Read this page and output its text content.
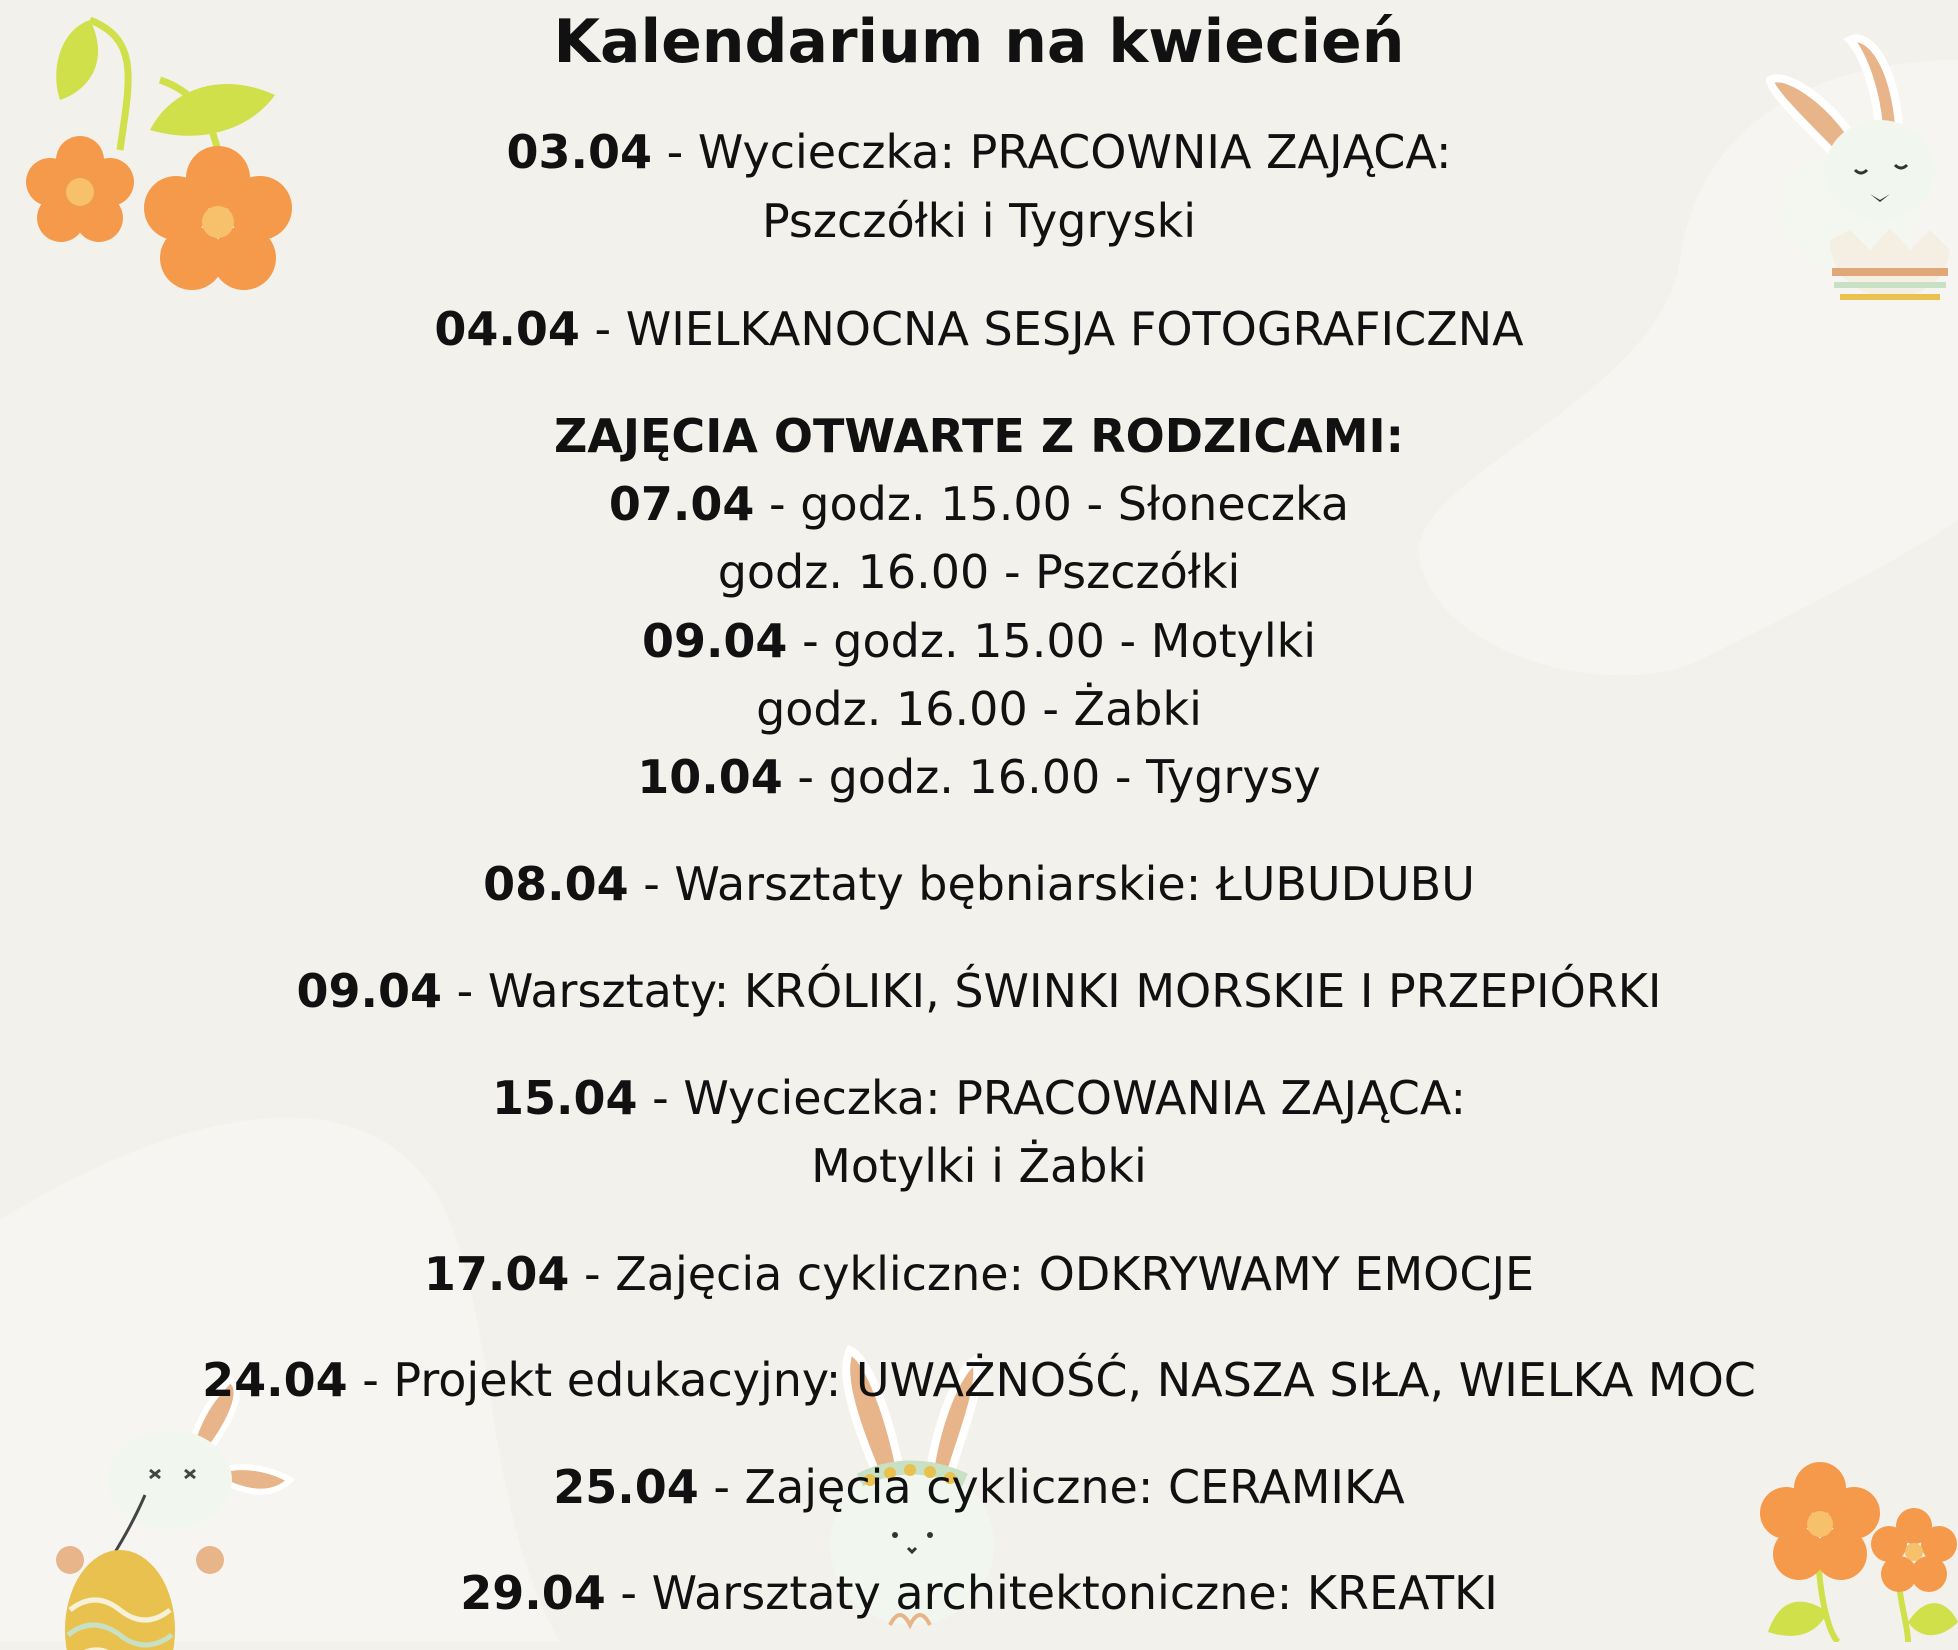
Kalendarium na kwiecień
03.04 - Wycieczka: PRACOWNIA ZAJĄCA:
Pszczółki i Tygryski
04.04 - WIELKANOCNA SESJA FOTOGRAFICZNA
ZAJĘCIA OTWARTE Z RODZICAMI:
07.04 - godz. 15.00 - Słoneczka
godz. 16.00 - Pszczółki
09.04 - godz. 15.00 - Motylki
godz. 16.00 - Żabki
10.04 - godz. 16.00 - Tygrysy
08.04 - Warsztaty bębniarskie: ŁUBUDUBU
09.04 - Warsztaty: KRÓLIKI, ŚWINKI MORSKIE I PRZEPIÓRKI
15.04 - Wycieczka: PRACOWANIA ZAJĄCA:
Motylki i Żabki
17.04 - Zajęcia cykliczne: ODKRYWAMY EMOCJE
24.04 - Projekt edukacyjny: UWAŻNOŚĆ, NASZA SIŁA, WIELKA MOC
25.04 - Zajęcia cykliczne: CERAMIKA
29.04 - Warsztaty architektoniczne: KREATKI
